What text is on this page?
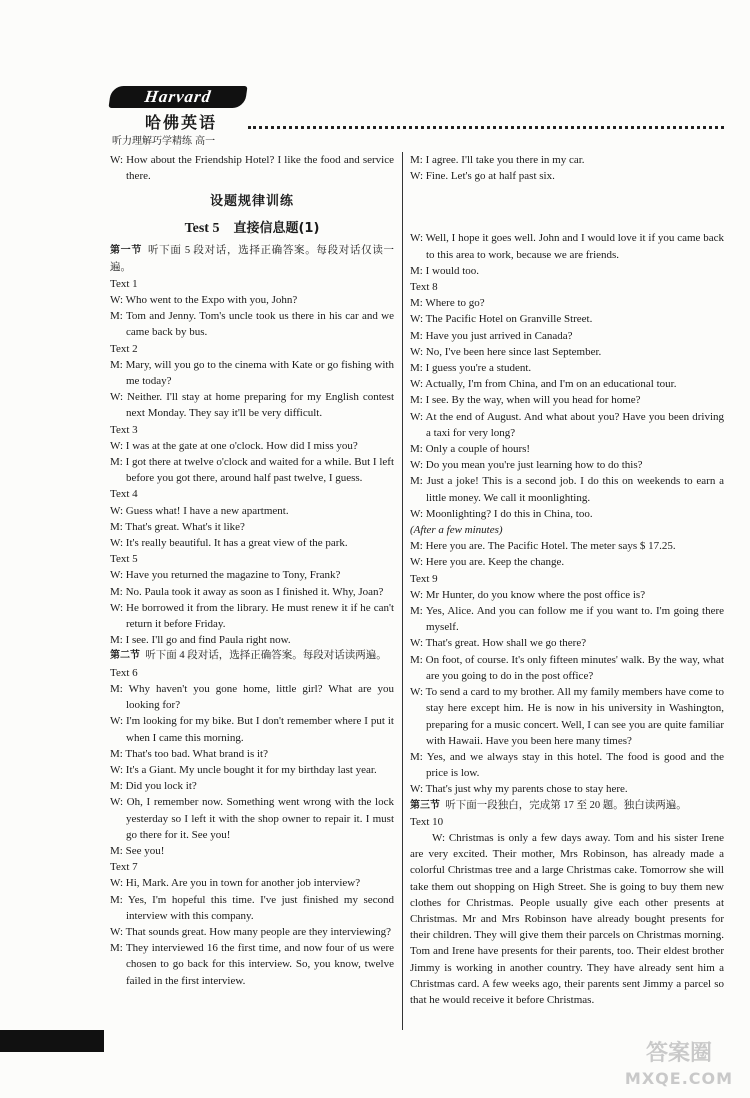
Harvard
哈佛英语
听力理解巧学精练 高一

W: How about the Friendship Hotel? I like the food and service there.

设题规律训练
Test 5  直接信息题(1)

第一节  听下面 5 段对话，选择正确答案。每段对话仅读一遍。

Text 1

W: Who went to the Expo with you, John?

M: Tom and Jenny. Tom's uncle took us there in his car and we came back by bus.

Text 2

M: Mary, will you go to the cinema with Kate or go fishing with me today?

W: Neither. I'll stay at home preparing for my English contest next Monday. They say it'll be very difficult.

Text 3

W: I was at the gate at one o'clock. How did I miss you?

M: I got there at twelve o'clock and waited for a while. But I left before you got there, around half past twelve, I guess.

Text 4

W: Guess what! I have a new apartment.

M: That's great. What's it like?

W: It's really beautiful. It has a great view of the park.

Text 5

W: Have you returned the magazine to Tony, Frank?

M: No. Paula took it away as soon as I finished it. Why, Joan?

W: He borrowed it from the library. He must renew it if he can't return it before Friday.

M: I see. I'll go and find Paula right now.

第二节  听下面 4 段对话，选择正确答案。每段对话读两遍。

Text 6

M: Why haven't you gone home, little girl? What are you looking for?

W: I'm looking for my bike. But I don't remember where I put it when I came this morning.

M: That's too bad. What brand is it?

W: It's a Giant. My uncle bought it for my birthday last year.

M: Did you lock it?

W: Oh, I remember now. Something went wrong with the lock yesterday so I left it with the shop owner to repair it. I must go there for it. See you!

M: See you!

Text 7

W: Hi, Mark. Are you in town for another job interview?

M: Yes, I'm hopeful this time. I've just finished my second interview with this company.

W: That sounds great. How many people are they interviewing?

M: They interviewed 16 the first time, and now four of us were chosen to go back for this interview. So, you know, twelve failed in the first interview.

M: I agree. I'll take you there in my car.

W: Fine. Let's go at half past six.

W: Well, I hope it goes well. John and I would love it if you came back to this area to work, because we are friends.

M: I would too.

Text 8

M: Where to go?

W: The Pacific Hotel on Granville Street.

M: Have you just arrived in Canada?

W: No, I've been here since last September.

M: I guess you're a student.

W: Actually, I'm from China, and I'm on an educational tour.

M: I see. By the way, when will you head for home?

W: At the end of August. And what about you? Have you been driving a taxi for very long?

M: Only a couple of hours!

W: Do you mean you're just learning how to do this?

M: Just a joke! This is a second job. I do this on weekends to earn a little money. We call it moonlighting.

W: Moonlighting? I do this in China, too.

(After a few minutes)

M: Here you are. The Pacific Hotel. The meter says $ 17.25.

W: Here you are. Keep the change.

Text 9

W: Mr Hunter, do you know where the post office is?

M: Yes, Alice. And you can follow me if you want to. I'm going there myself.

W: That's great. How shall we go there?

M: On foot, of course. It's only fifteen minutes' walk. By the way, what are you going to do in the post office?

W: To send a card to my brother. All my family members have come to stay here except him. He is now in his university in Washington, preparing for a music concert. Well, I can see you are quite familiar with Hawaii. Have you been here many times?

M: Yes, and we always stay in this hotel. The food is good and the price is low.

W: That's just why my parents chose to stay here.

第三节  听下面一段独白，完成第 17 至 20 题。独白读两遍。

Text 10

W: Christmas is only a few days away. Tom and his sister Irene are very excited. Their mother, Mrs Robinson, has already made a colorful Christmas tree and a large Christmas cake. Tomorrow she will take them out shopping on High Street. She is going to buy them new clothes for Christmas. People usually give each other presents at Christmas. Mr and Mrs Robinson have already bought presents for their children. They will give them their parcels on Christmas morning. Tom and Irene have presents for their parents, too. Their eldest brother Jimmy is working in another country. They have already sent him a Christmas card. A few weeks ago, their parents sent Jimmy a parcel so that he would receive it before Christmas.

答案圈
MXQE.COM
